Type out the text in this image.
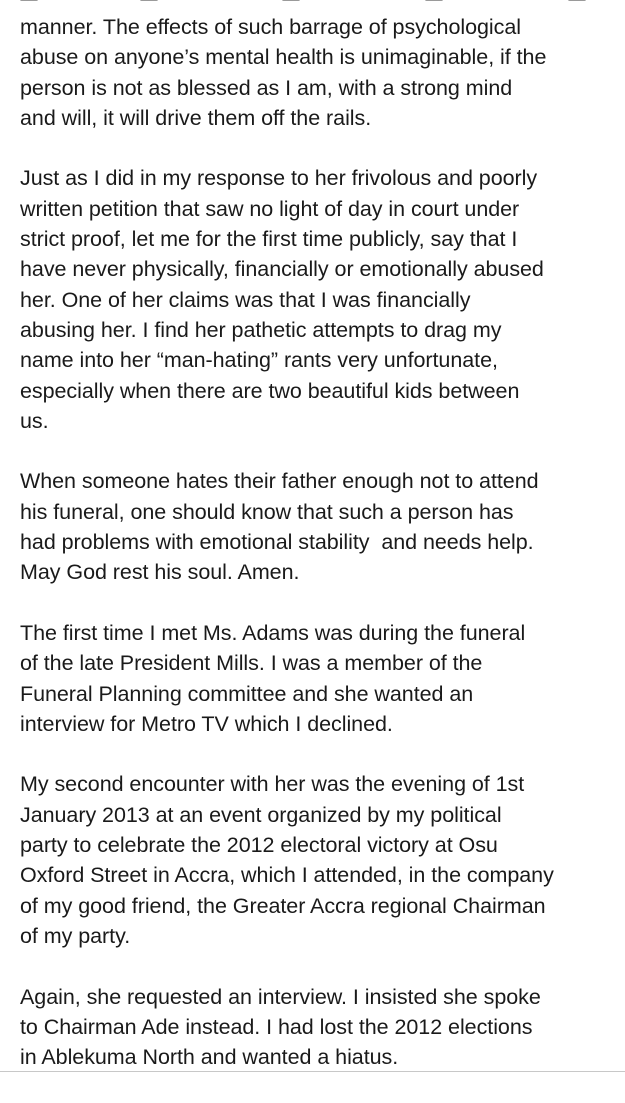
manner. The effects of such barrage of psychological
abuse on anyone’s mental health is unimaginable, if the
person is not as blessed as I am, with a strong mind
and will, it will drive them off the rails.

Just as I did in my response to her frivolous and poorly
written petition that saw no light of day in court under
strict proof, let me for the first time publicly, say that I
have never physically, financially or emotionally abused
her. One of her claims was that I was financially
abusing her. I find her pathetic attempts to drag my
name into her “man-hating” rants very unfortunate,
especially when there are two beautiful kids between
us.

When someone hates their father enough not to attend
his funeral, one should know that such a person has
had problems with emotional stability  and needs help.
May God rest his soul. Amen.

The first time I met Ms. Adams was during the funeral
of the late President Mills. I was a member of the
Funeral Planning committee and she wanted an
interview for Metro TV which I declined.

My second encounter with her was the evening of 1st
January 2013 at an event organized by my political
party to celebrate the 2012 electoral victory at Osu
Oxford Street in Accra, which I attended, in the company
of my good friend, the Greater Accra regional Chairman
of my party.

Again, she requested an interview. I insisted she spoke
to Chairman Ade instead. I had lost the 2012 elections
in Ablekuma North and wanted a hiatus.
